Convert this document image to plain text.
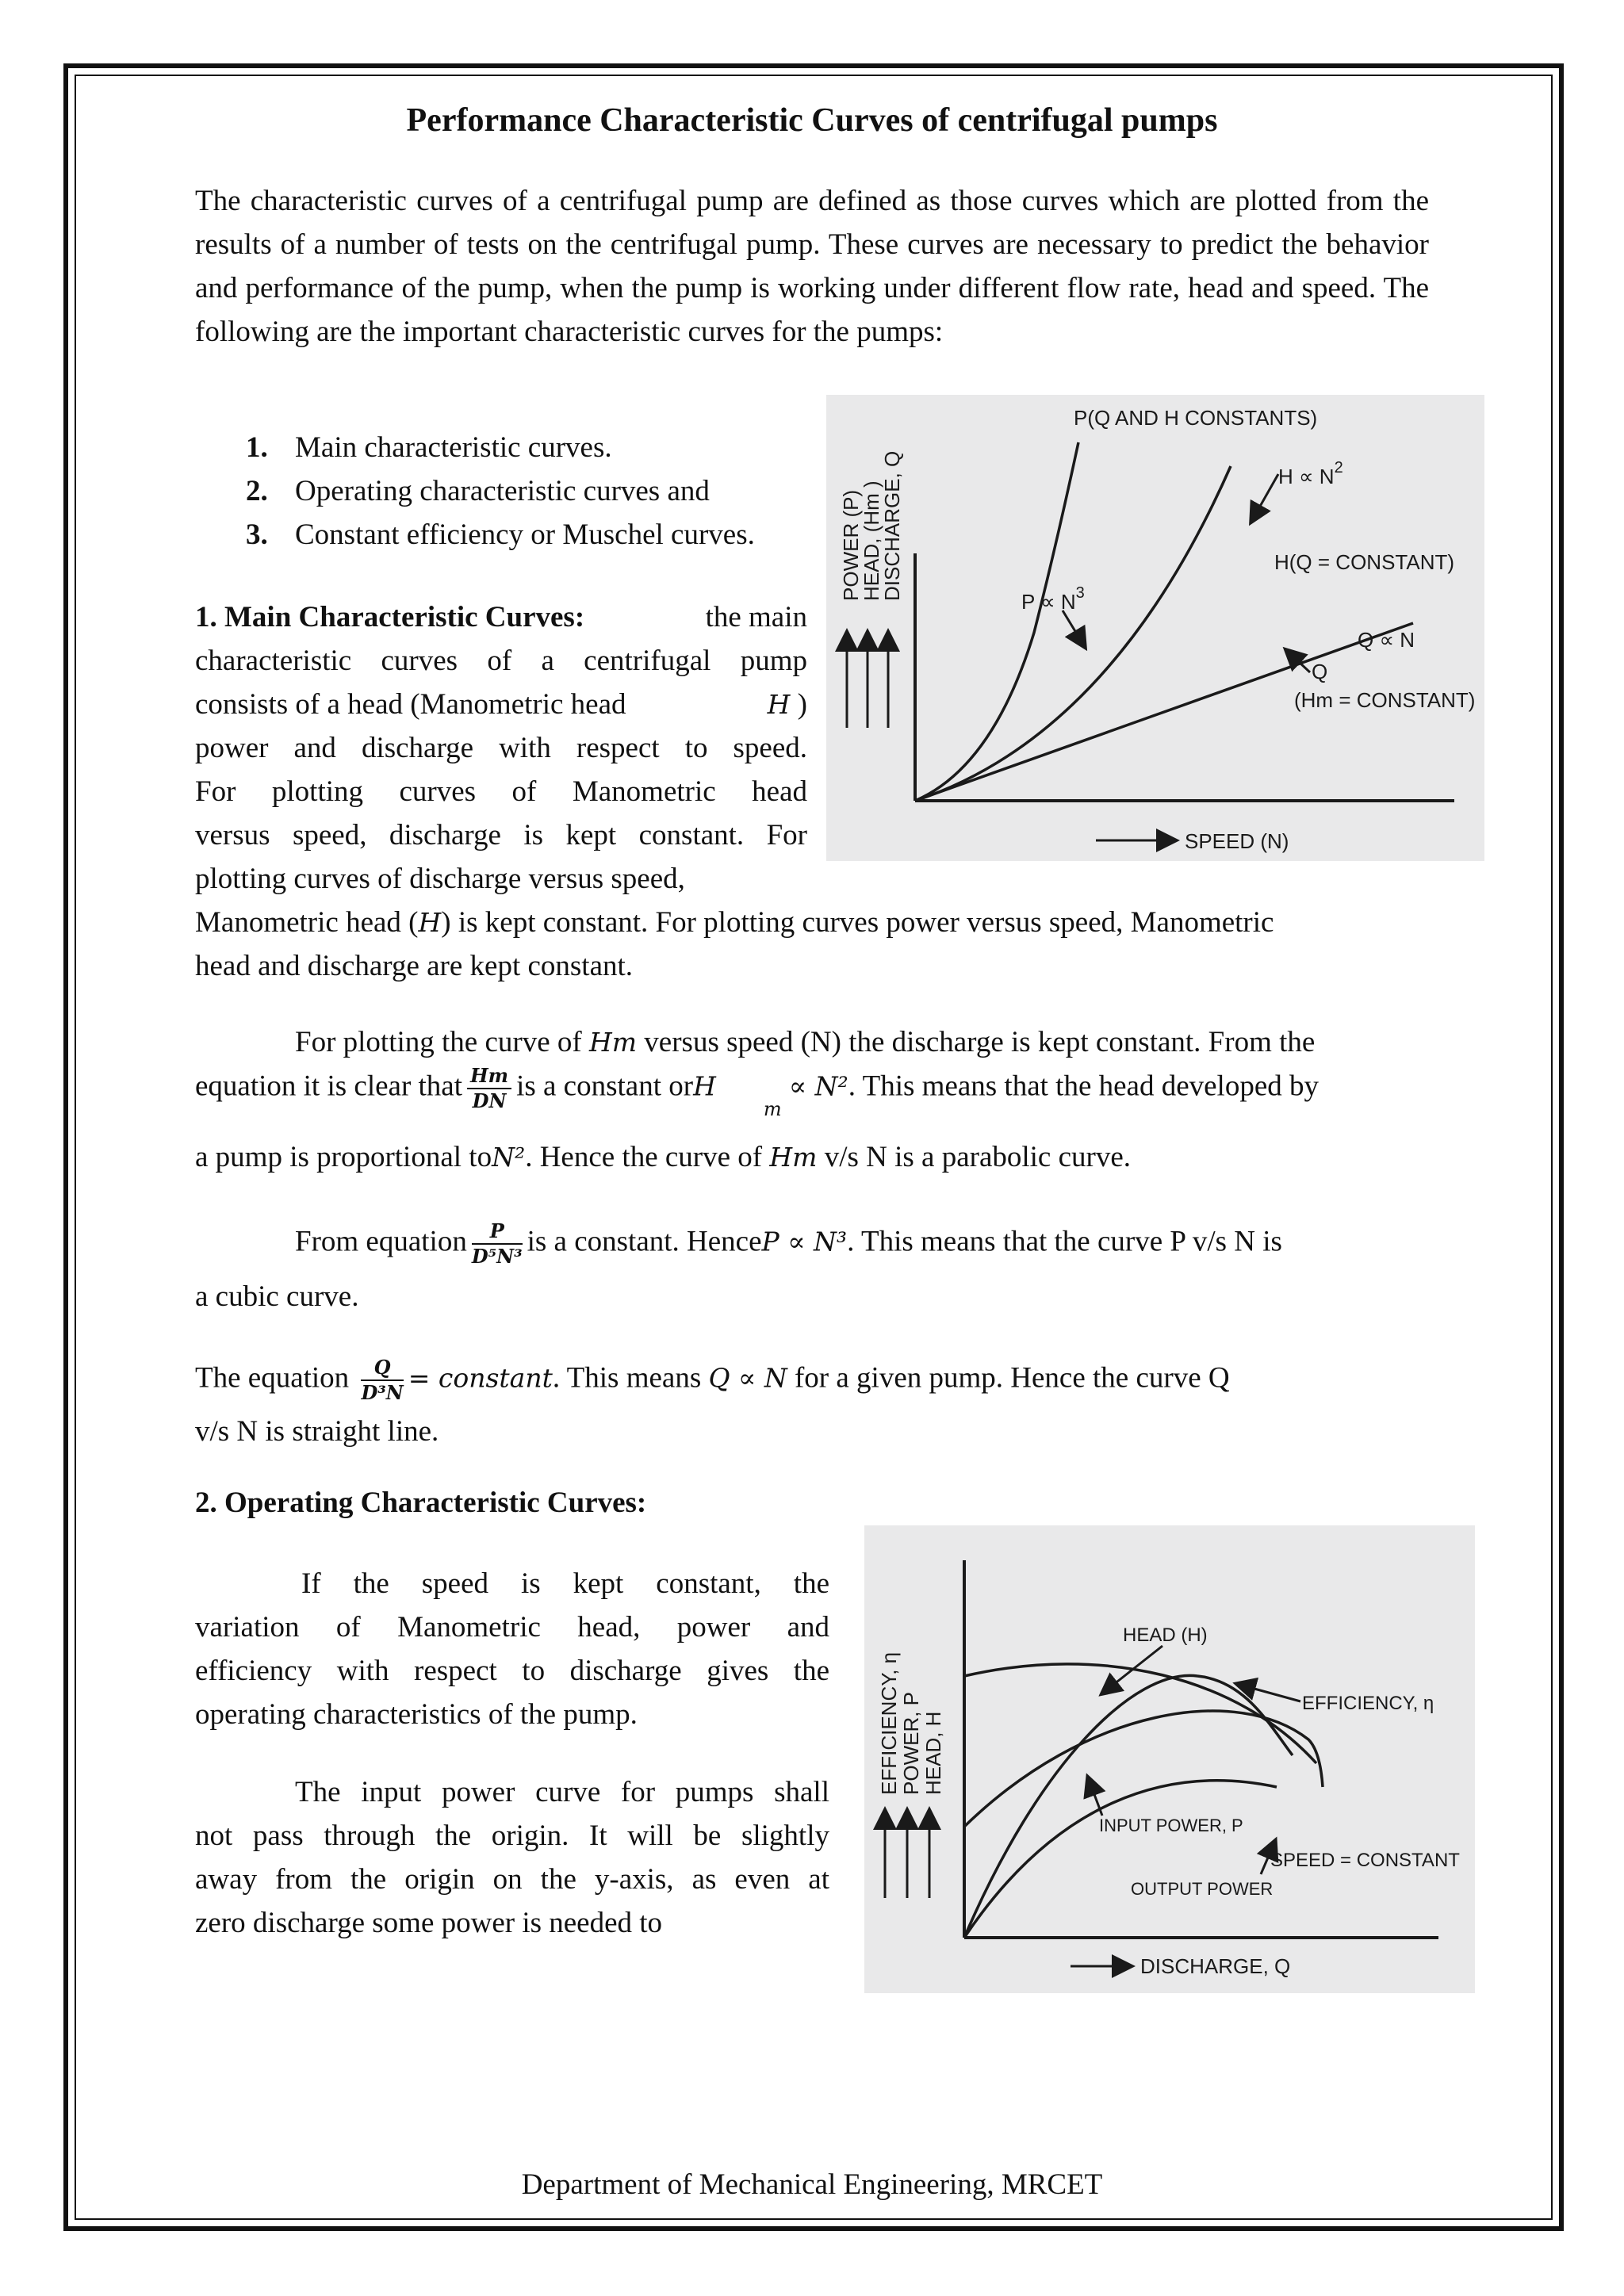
Performance Characteristic Curves of centrifugal pumps
The characteristic curves of a centrifugal pump are defined as those curves which are plotted from the results of a number of tests on the centrifugal pump. These curves are necessary to predict the behavior and performance of the pump, when the pump is working under different flow rate, head and speed. The following are the important characteristic curves for the pumps:
1. Main characteristic curves.
2. Operating characteristic curves and
3. Constant efficiency or Muschel curves.
1. Main Characteristic Curves:	the main
characteristic curves of a centrifugal pump
consists of a head (Manometric head	H )
power and discharge with respect to speed.
For plotting curves of Manometric head
versus speed, discharge is kept constant. For
plotting curves of discharge versus speed,
Manometric head (H) is kept constant. For plotting curves power versus speed, Manometric
head and discharge are kept constant.
POWER (P)
HEAD, (Hm )
DISCHARGE, Q
P(Q AND H CONSTANTS)
$H \propto N^2$
H(Q = CONSTANT)
$P \propto N^3$
Q ∝ N
Q
(Hm = CONSTANT)
SPEED (N)
For plotting the curve of Hm versus speed (N) the discharge is kept constant. From the
equation it is clear that $\frac{Hm}{DN}$ is a constant orH$_m$ ∝ N². This means that the head developed by
a pump is proportional toN². Hence the curve of Hm v/s N is a parabolic curve.
From equation $\frac{P}{\text{D⁵N³}}$ is a constant. HenceP ∝ N³. This means that the curve P v/s N is
a cubic curve.
The equation $\frac{Q}{\text{D³N}}$ = constant. This means Q ∝ N for a given pump. Hence the curve Q
v/s N is straight line.
2. Operating Characteristic Curves:
If the speed is kept constant, the
variation of Manometric head, power and
efficiency with respect to discharge gives the
operating characteristics of the pump.
The input power curve for pumps shall
not pass through the origin. It will be slightly
away from the origin on the y-axis, as even at
zero discharge some power is needed to
EFFICIENCY, η
POWER, P
HEAD, H
HEAD (H)
EFFICIENCY, η
INPUT POWER, P
SPEED = CONSTANT
OUTPUT POWER
DISCHARGE, Q
Department of Mechanical Engineering, MRCET
